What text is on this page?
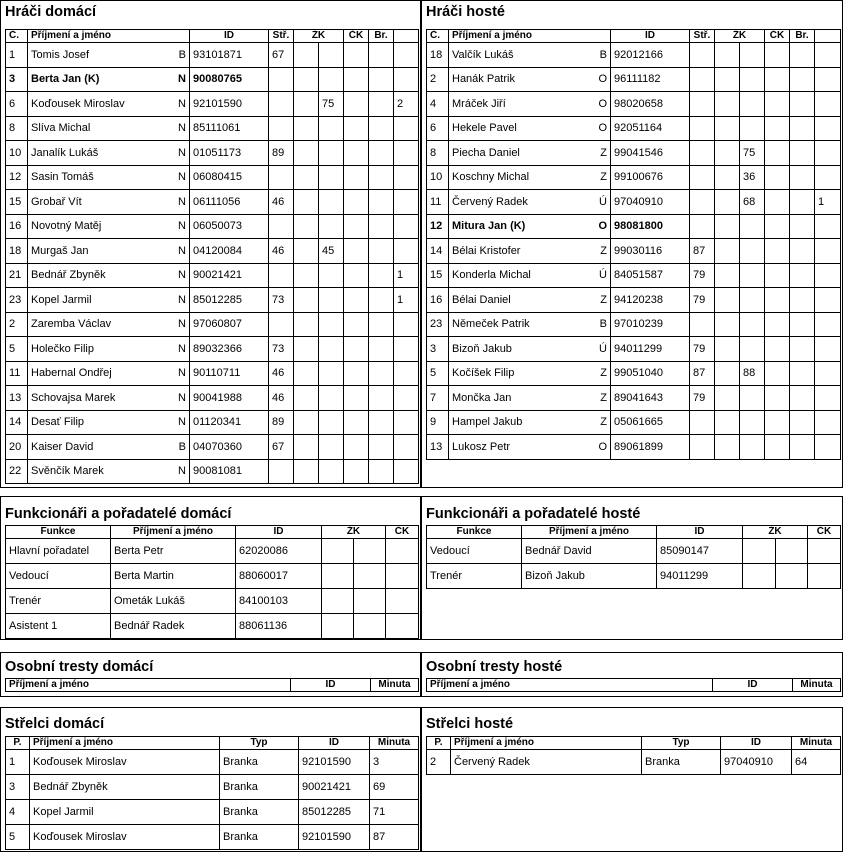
Hráči domácí
Č.	Příjmení a jméno		ID	Stř.	ŽK		ČK	Br.	
1	Tomis Josef	B	93101871	67					
3	Berta Jan (K)	N	90080765						
6	Koďousek Miroslav	N	92101590			75			2
8	Slíva Michal	N	85111061						
10	Janalík Lukáš	N	01051173	89					
12	Sasin Tomáš	N	06080415						
15	Grobař Vít	N	06111056	46					
16	Novotný Matěj	N	06050073						
18	Murgaš Jan	N	04120084	46		45			
21	Bednář Zbyněk	N	90021421						1
23	Kopel Jarmil	N	85012285	73					1
2	Zaremba Václav	N	97060807						
5	Holečko Filip	N	89032366	73					
11	Habernal Ondřej	N	90110711	46					
13	Schovajsa Marek	N	90041988	46					
14	Desať Filip	N	01120341	89					
20	Kaiser David	B	04070360	67					
22	Svěnčík Marek	N	90081081						
Hráči hosté
Č.	Příjmení a jméno		ID	Stř.	ŽK		ČK	Br.	
18	Valčík Lukáš	B	92012166						
2	Hanák Patrik	O	96111182						
4	Mráček Jiří	O	98020658						
6	Hekele Pavel	O	92051164						
8	Piecha Daniel	Z	99041546			75			
10	Koschny Michal	Z	99100676			36			
11	Červený Radek	Ú	97040910			68			1
12	Mitura Jan (K)	O	98081800						
14	Bélai Kristofer	Z	99030116	87					
15	Konderla Michal	Ú	84051587	79					
16	Bélai Daniel	Z	94120238	79					
23	Němeček Patrik	B	97010239						
3	Bizoň Jakub	Ú	94011299	79					
5	Kočíšek Filip	Z	99051040	87		88			
7	Mončka Jan	Z	89041643	79					
9	Hampel Jakub	Z	05061665						
13	Lukosz Petr	O	89061899						
Funkcionáři a pořadatelé domácí
Funkce	Příjmení a jméno	ID	ŽK		ČK
Hlavní pořadatel	Berta Petr	62020086			
Vedoucí	Berta Martin	88060017			
Trenér	Ometák Lukáš	84100103			
Asistent 1	Bednář Radek	88061136			
Funkcionáři a pořadatelé hosté
Funkce	Příjmení a jméno	ID	ŽK		ČK
Vedoucí	Bednář David	85090147			
Trenér	Bizoň Jakub	94011299			
Osobní tresty domácí
Příjmení a jméno	ID	Minuta
Osobní tresty hosté
Příjmení a jméno	ID	Minuta
Střelci domácí
P.	Příjmení a jméno	Typ	ID	Minuta
1	Koďousek Miroslav	Branka	92101590	3
3	Bednář Zbyněk	Branka	90021421	69
4	Kopel Jarmil	Branka	85012285	71
5	Koďousek Miroslav	Branka	92101590	87
Střelci hosté
P.	Příjmení a jméno	Typ	ID	Minuta
2	Červený Radek	Branka	97040910	64
